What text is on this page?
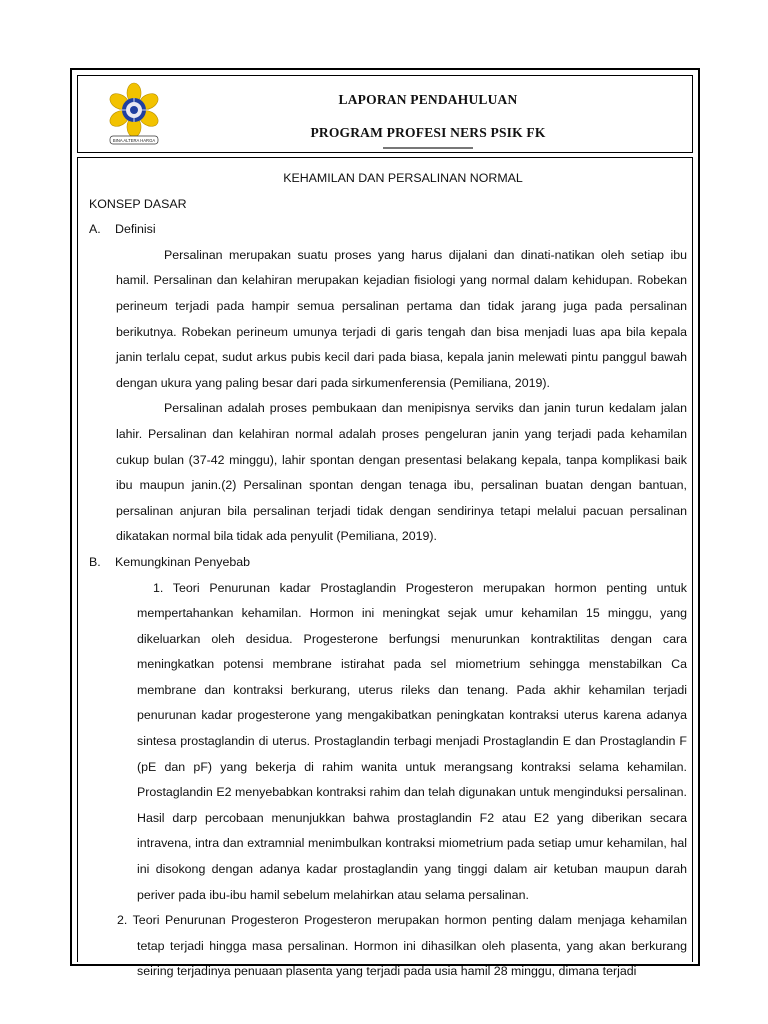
BINA ALTERA HARGA
LAPORAN PENDAHULUAN
PROGRAM PROFESI NERS PSIK FK
KEHAMILAN DAN PERSALINAN NORMAL
KONSEP DASAR
A. Definisi

Persalinan merupakan suatu proses yang harus dijalani dan dinati-natikan oleh setiap ibu hamil. Persalinan dan kelahiran merupakan kejadian fisiologi yang normal dalam kehidupan. Robekan perineum terjadi pada hampir semua persalinan pertama dan tidak jarang juga pada persalinan berikutnya. Robekan perineum umunya terjadi di garis tengah dan bisa menjadi luas apa bila kepala janin terlalu cepat, sudut arkus pubis kecil dari pada biasa, kepala janin melewati pintu panggul bawah dengan ukura yang paling besar dari pada sirkumenferensia (Pemiliana, 2019).

Persalinan adalah proses pembukaan dan menipisnya serviks dan janin turun kedalam jalan lahir. Persalinan dan kelahiran normal adalah proses pengeluran janin yang terjadi pada kehamilan cukup bulan (37-42 minggu), lahir spontan dengan presentasi belakang kepala, tanpa komplikasi baik ibu maupun janin.(2) Persalinan spontan dengan tenaga ibu, persalinan buatan dengan bantuan, persalinan anjuran bila persalinan terjadi tidak dengan sendirinya tetapi melalui pacuan persalinan dikatakan normal bila tidak ada penyulit (Pemiliana, 2019).

B. Kemungkinan Penyebab

1. Teori Penurunan kadar Prostaglandin Progesteron merupakan hormon penting untuk mempertahankan kehamilan. Hormon ini meningkat sejak umur kehamilan 15 minggu, yang dikeluarkan oleh desidua. Progesterone berfungsi menurunkan kontraktilitas dengan cara meningkatkan potensi membrane istirahat pada sel miometrium sehingga menstabilkan Ca membrane dan kontraksi berkurang, uterus rileks dan tenang. Pada akhir kehamilan terjadi penurunan kadar progesterone yang mengakibatkan peningkatan kontraksi uterus karena adanya sintesa prostaglandin di uterus. Prostaglandin terbagi menjadi Prostaglandin E dan Prostaglandin F (pE dan pF) yang bekerja di rahim wanita untuk merangsang kontraksi selama kehamilan. Prostaglandin E2 menyebabkan kontraksi rahim dan telah digunakan untuk menginduksi persalinan. Hasil darp percobaan menunjukkan bahwa prostaglandin F2 atau E2 yang diberikan secara intravena, intra dan extramnial menimbulkan kontraksi miometrium pada setiap umur kehamilan, hal ini disokong dengan adanya kadar prostaglandin yang tinggi dalam air ketuban maupun darah periver pada ibu-ibu hamil sebelum melahirkan atau selama persalinan.

2. Teori Penurunan Progesteron Progesteron merupakan hormon penting dalam menjaga kehamilan tetap terjadi hingga masa persalinan. Hormon ini dihasilkan oleh plasenta, yang akan berkurang seiring terjadinya penuaan plasenta yang terjadi pada usia hamil 28 minggu, dimana terjadi
